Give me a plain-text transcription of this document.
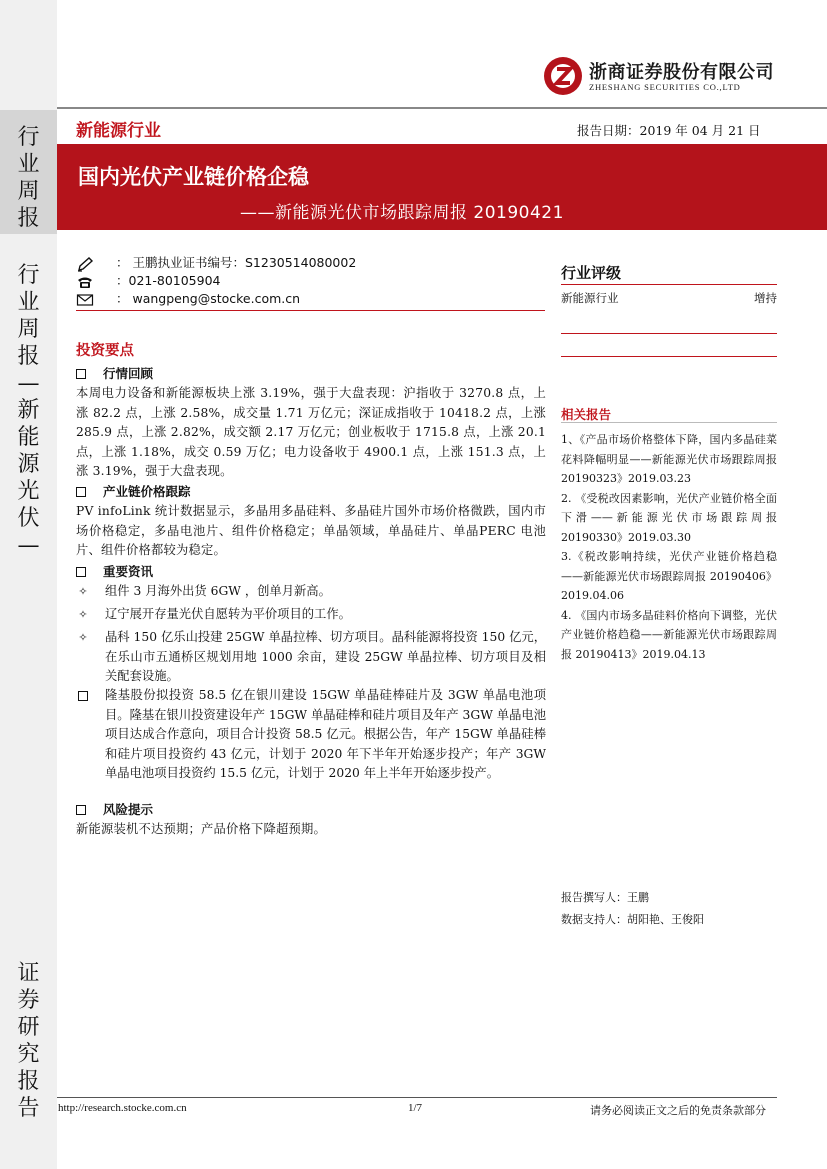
行
业
周
报
行
业
周
报
—
新
能
源
光
伏
—
证
券
研
究
报
告
浙商证券股份有限公司
ZHESHANG SECURITIES CO.,LTD
新能源行业	报告日期：2019 年 04 月 21 日
国内光伏产业链价格企稳
——新能源光伏市场跟踪周报 20190421
： 王鹏执业证书编号：S1230514080002
：021-80105904
： wangpeng@stocke.com.cn
投资要点
行情回顾
本周电力设备和新能源板块上涨 3.19%，强于大盘表现：沪指收于 3270.8 点，上涨 82.2 点，上涨 2.58%，成交量 1.71 万亿元；深证成指收于 10418.2 点，上涨 285.9 点，上涨 2.82%，成交额 2.17 万亿元；创业板收于 1715.8 点，上涨 20.1 点，上涨 1.18%，成交 0.59 万亿；电力设备收于 4900.1 点，上涨 151.3 点，上涨 3.19%，强于大盘表现。
产业链价格跟踪
PV infoLink 统计数据显示，多晶用多晶硅料、多晶硅片国外市场价格微跌，国内市场价格稳定，多晶电池片、组件价格稳定；单晶领域，单晶硅片、单晶PERC 电池片、组件价格都较为稳定。
重要资讯
✧ 组件 3 月海外出货 6GW ，创单月新高。
✧ 辽宁展开存量光伏自愿转为平价项目的工作。
✧ 晶科 150 亿乐山投建 25GW 单晶拉棒、切方项目。晶科能源将投资 150 亿元，在乐山市五通桥区规划用地 1000 余亩，建设 25GW 单晶拉棒、切方项目及相关配套设施。
隆基股份拟投资 58.5 亿在银川建设 15GW 单晶硅棒硅片及 3GW 单晶电池项目。隆基在银川投资建设年产 15GW 单晶硅棒和硅片项目及年产 3GW 单晶电池项目达成合作意向，项目合计投资 58.5 亿元。根据公告，年产 15GW 单晶硅棒和硅片项目投资约 43 亿元，计划于 2020 年下半年开始逐步投产；年产 3GW 单晶电池项目投资约 15.5 亿元，计划于 2020 年上半年开始逐步投产。
风险提示
新能源装机不达预期；产品价格下降超预期。
行业评级
新能源行业	增持
相关报告

1、《产品市场价格整体下降，国内多晶硅菜花料降幅明显——新能源光伏市场跟踪周报 20190323》2019.03.23

2. 《受税改因素影响，光伏产业链价格全面下滑——新能源光伏市场跟踪周报 20190330》2019.03.30

3.《税改影响持续，光伏产业链价格趋稳——新能源光伏市场跟踪周报 20190406》2019.04.06

4. 《国内市场多晶硅料价格向下调整，光伏产业链价格趋稳——新能源光伏市场跟踪周报 20190413》2019.04.13

报告撰写人：王鹏
数据支持人：胡阳艳、王俊阳
http://research.stocke.com.cn	1/7	请务必阅读正文之后的免责条款部分
